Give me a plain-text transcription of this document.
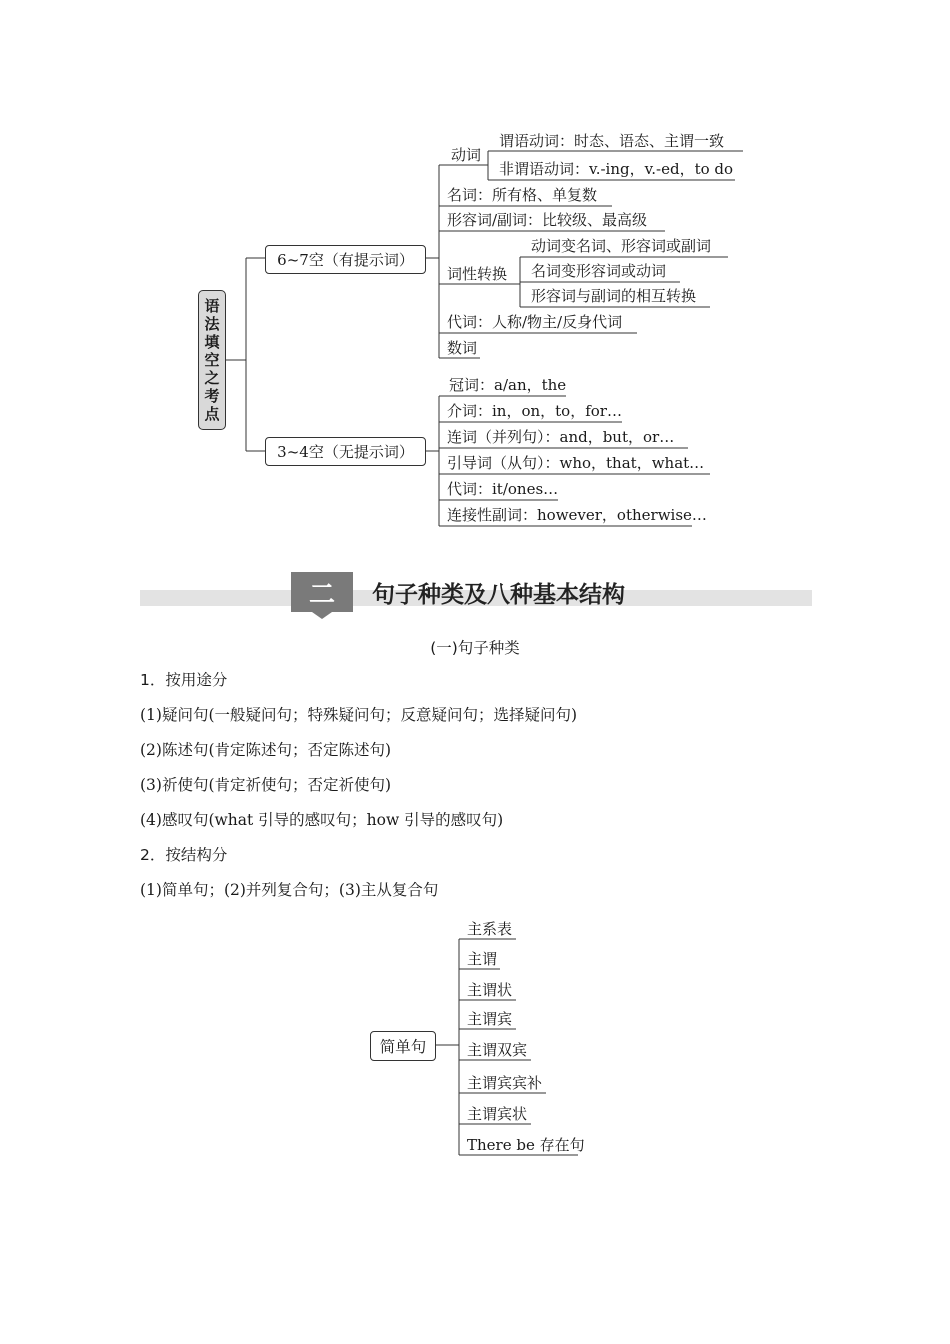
语
法
填
空
之
考
点
6~7空（有提示词）
3~4空（无提示词）
动词
谓语动词：时态、语态、主谓一致
非谓语动词：v.-ing，v.-ed，to do
名词：所有格、单复数
形容词/副词：比较级、最高级
词性转换
动词变名词、形容词或副词
名词变形容词或动词
形容词与副词的相互转换
代词：人称/物主/反身代词
数词
冠词：a/an，the
介词：in，on，to，for…
连词（并列句）：and，but，or…
引导词（从句）：who，that，what…
代词：it/ones…
连接性副词：however，otherwise…
二 句子种类及八种基本结构
(一)句子种类
1．按用途分
(1)疑问句(一般疑问句；特殊疑问句；反意疑问句；选择疑问句)
(2)陈述句(肯定陈述句；否定陈述句)
(3)祈使句(肯定祈使句；否定祈使句)
(4)感叹句(what 引导的感叹句；how 引导的感叹句)
2．按结构分
(1)简单句；(2)并列复合句；(3)主从复合句
简单句
主系表
主谓
主谓状
主谓宾
主谓双宾
主谓宾宾补
主谓宾状
There be 存在句
